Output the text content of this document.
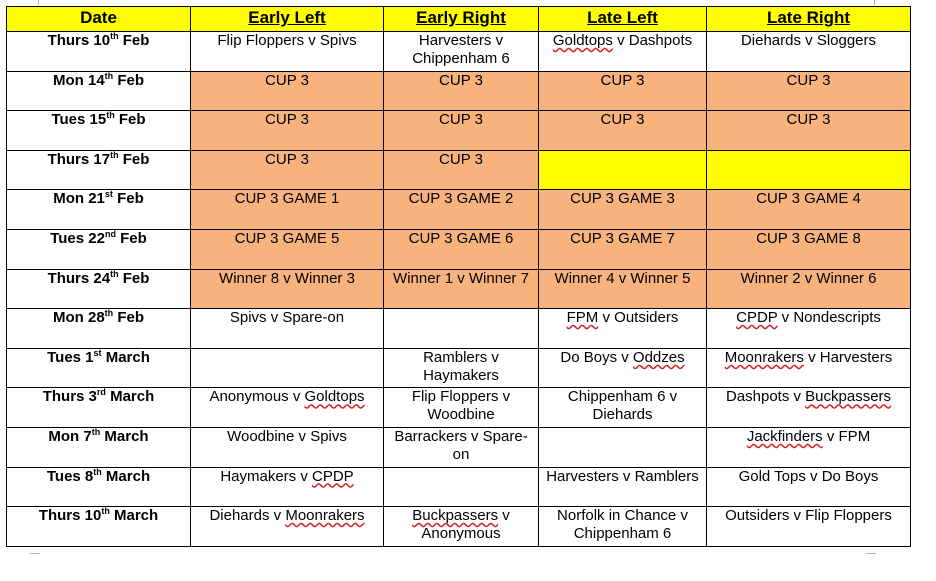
Date	Early Left	Early Right	Late Left	Late Right
Thurs 10th Feb	Flip Floppers v Spivs	Harvesters v Chippenham 6	Goldtops v Dashpots	Diehards v Sloggers
Mon 14th Feb	CUP 3	CUP 3	CUP 3	CUP 3
Tues 15th Feb	CUP 3	CUP 3	CUP 3	CUP 3
Thurs 17th Feb	CUP 3	CUP 3		
Mon 21st Feb	CUP 3 GAME 1	CUP 3 GAME 2	CUP 3 GAME 3	CUP 3 GAME 4
Tues 22nd Feb	CUP 3 GAME 5	CUP 3 GAME 6	CUP 3 GAME 7	CUP 3 GAME 8
Thurs 24th Feb	Winner 8 v Winner 3	Winner 1 v Winner 7	Winner 4 v Winner 5	Winner 2 v Winner 6
Mon 28th Feb	Spivs v Spare-on		FPM v Outsiders	CPDP v Nondescripts
Tues 1st March		Ramblers v Haymakers	Do Boys v Oddzes	Moonrakers v Harvesters
Thurs 3rd March	Anonymous v Goldtops	Flip Floppers v Woodbine	Chippenham 6 v Diehards	Dashpots v Buckpassers
Mon 7th March	Woodbine v Spivs	Barrackers v Spare-on		Jackfinders v FPM
Tues 8th March	Haymakers v CPDP		Harvesters v Ramblers	Gold Tops v Do Boys
Thurs 10th March	Diehards v Moonrakers	Buckpassers v Anonymous	Norfolk in Chance v Chippenham 6	Outsiders v Flip Floppers
